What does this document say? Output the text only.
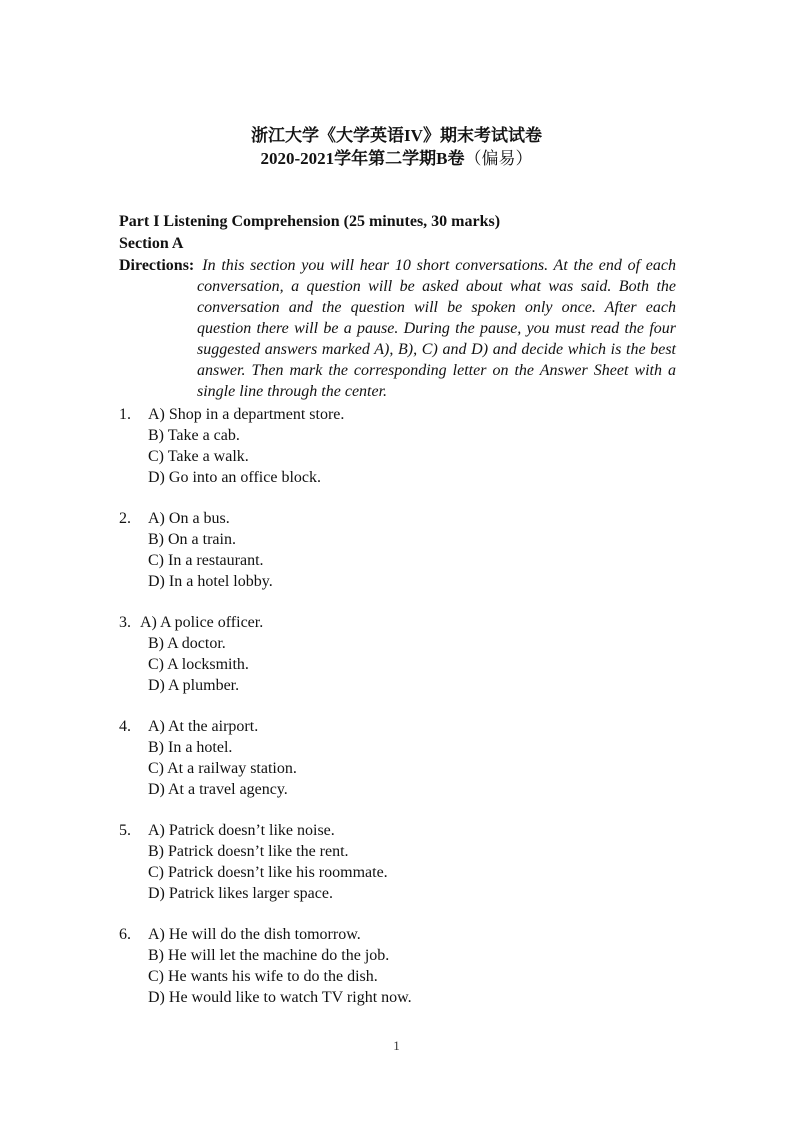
浙江大学《大学英语IV》期末考试试卷
2020-2021学年第二学期B卷（偏易）
Part I Listening Comprehension (25 minutes, 30 marks)
Section A

Directions: In this section you will hear 10 short conversations. At the end of each conversation, a question will be asked about what was said. Both the conversation and the question will be spoken only once. After each question there will be a pause. During the pause, you must read the four suggested answers marked A), B), C) and D) and decide which is the best answer. Then mark the corresponding letter on the Answer Sheet with a single line through the center.

1.	A) Shop in a department store.
B) Take a cab.
C) Take a walk.
D) Go into an office block.
2.	A) On a bus.
B) On a train.
C) In a restaurant.
D) In a hotel lobby.
3. A) A police officer.
B) A doctor.
C) A locksmith.
D) A plumber.
4.	A) At the airport.
B) In a hotel.
C) At a railway station.
D) At a travel agency.
5.	A) Patrick doesn’t like noise.
B) Patrick doesn’t like the rent.
C) Patrick doesn’t like his roommate.
D) Patrick likes larger space.
6.	A) He will do the dish tomorrow.
B) He will let the machine do the job.
C) He wants his wife to do the dish.
D) He would like to watch TV right now.
1
